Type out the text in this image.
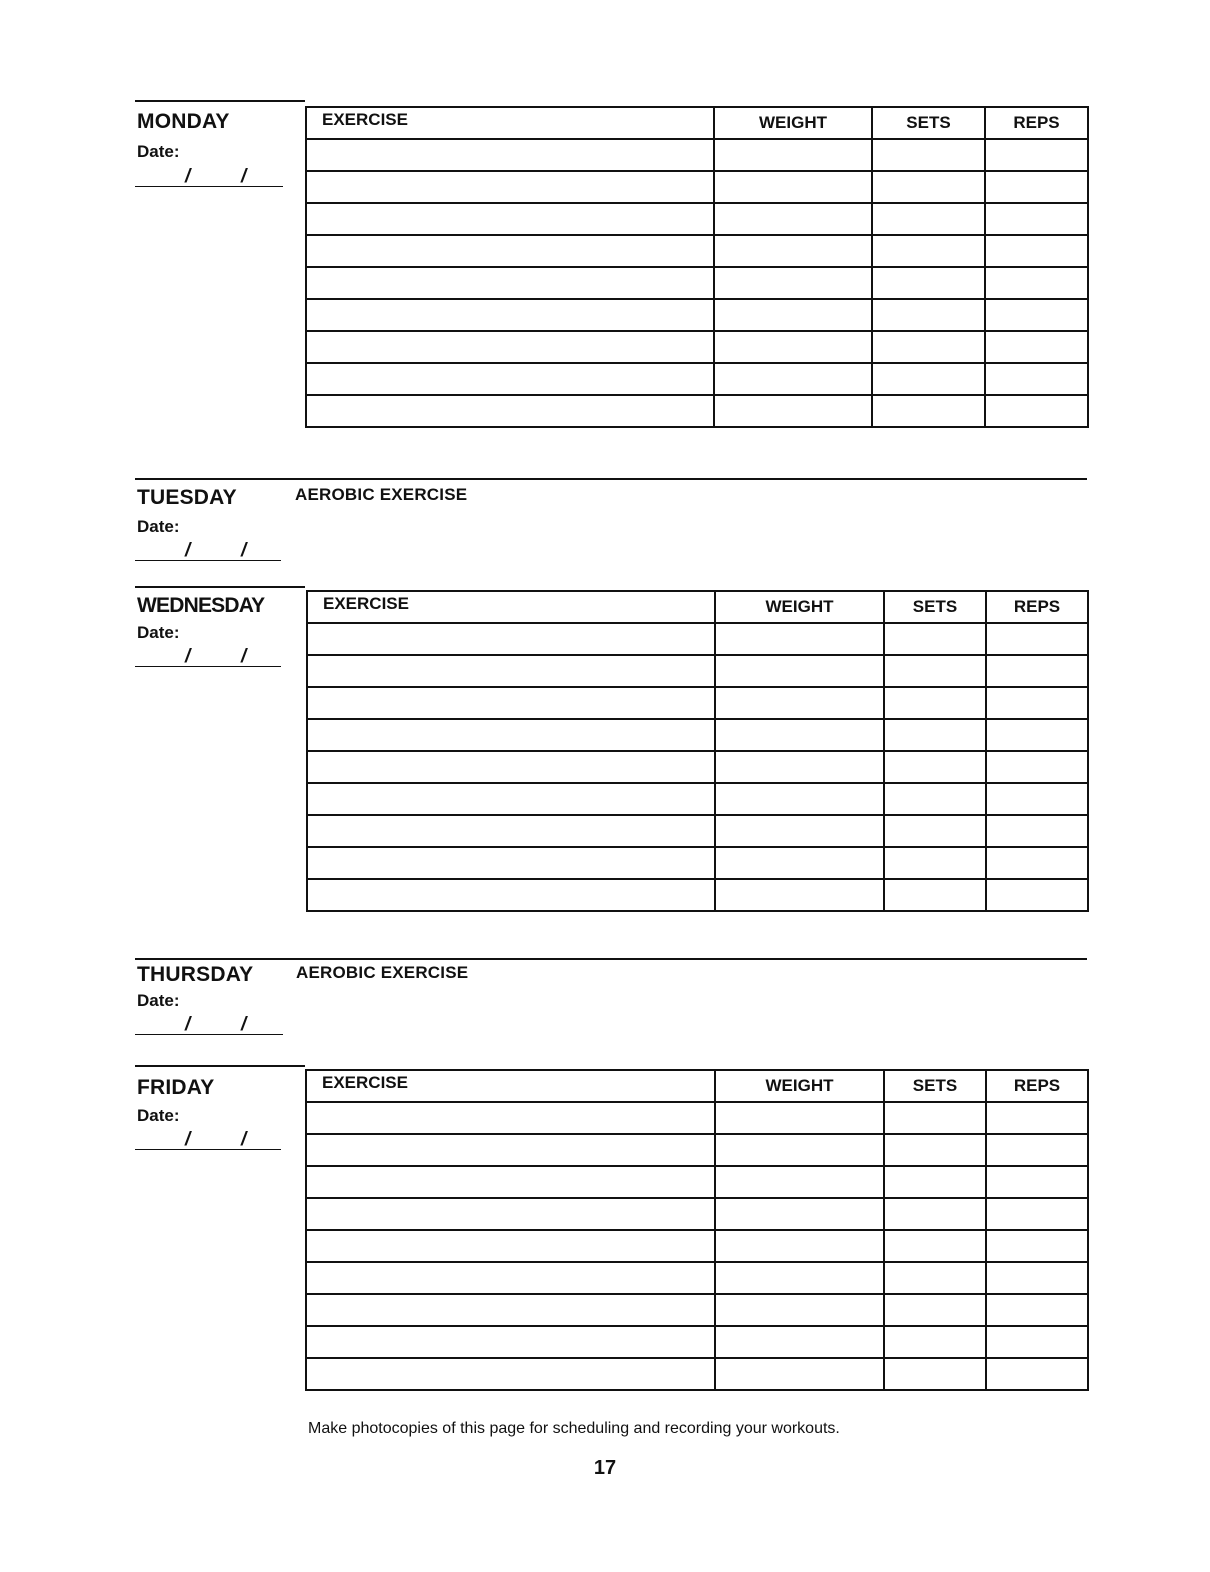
MONDAY
Date:
/	/
EXERCISE	WEIGHT	SETS	REPS

TUESDAY	AEROBIC EXERCISE
Date:
/	/
WEDNESDAY
Date:
/	/
EXERCISE	WEIGHT	SETS	REPS

THURSDAY	AEROBIC EXERCISE
Date:
/	/
FRIDAY
Date:
/	/
EXERCISE	WEIGHT	SETS	REPS

Make photocopies of this page for scheduling and recording your workouts.
17
